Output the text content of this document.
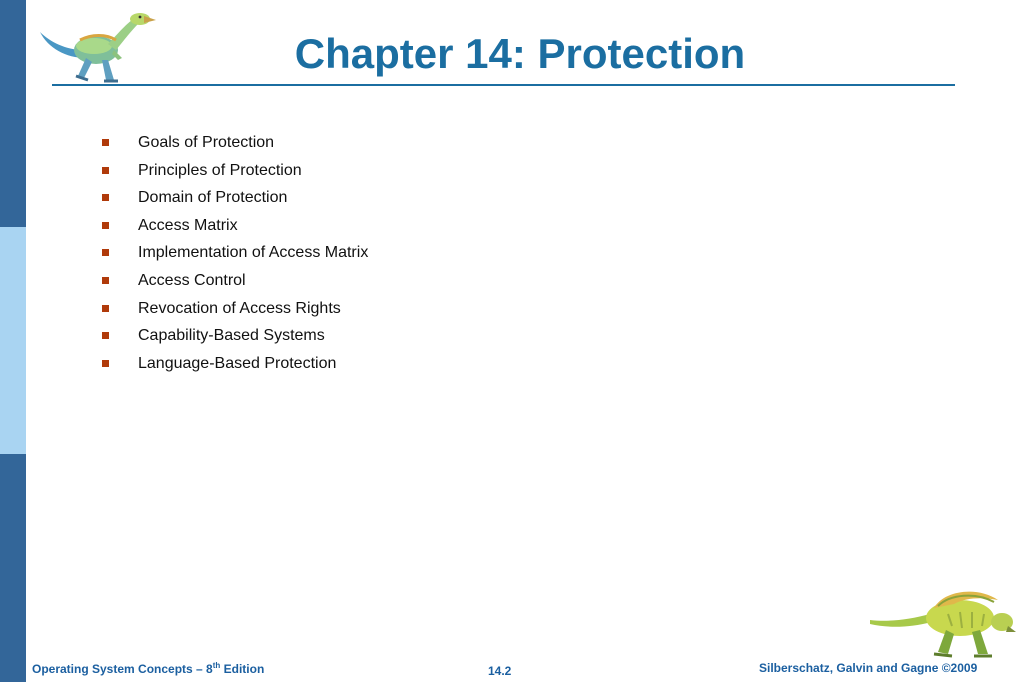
Chapter 14: Protection
Goals of Protection
Principles of Protection
Domain of Protection
Access Matrix
Implementation of Access Matrix
Access Control
Revocation of Access Rights
Capability-Based Systems
Language-Based Protection
Operating System Concepts – 8th Edition	14.2	Silberschatz, Galvin and Gagne ©2009
